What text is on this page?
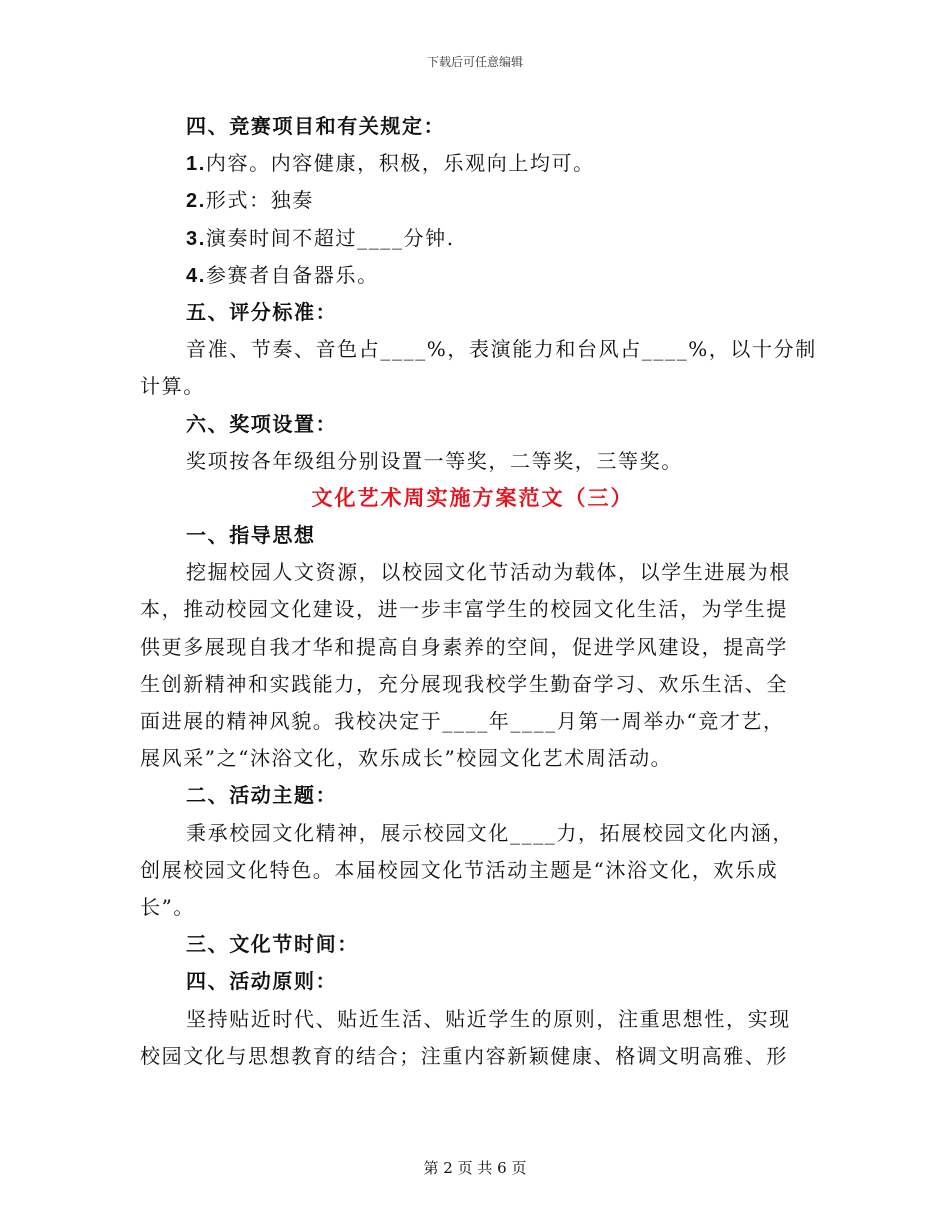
下载后可任意编辑
四、竞赛项目和有关规定：
1.内容。内容健康，积极，乐观向上均可。
2.形式：独奏
3.演奏时间不超过____分钟.
4.参赛者自备器乐。
五、评分标准：
音准、节奏、音色占____%，表演能力和台风占____%，以十分制
计算。
六、奖项设置：
奖项按各年级组分别设置一等奖，二等奖，三等奖。
文化艺术周实施方案范文（三）
一、指导思想
挖掘校园人文资源，以校园文化节活动为载体，以学生进展为根
本，推动校园文化建设，进一步丰富学生的校园文化生活，为学生提
供更多展现自我才华和提高自身素养的空间，促进学风建设，提高学
生创新精神和实践能力，充分展现我校学生勤奋学习、欢乐生活、全
面进展的精神风貌。我校决定于____年____月第一周举办“竞才艺，
展风采”之“沐浴文化，欢乐成长”校园文化艺术周活动。
二、活动主题：
秉承校园文化精神，展示校园文化____力，拓展校园文化内涵，
创展校园文化特色。本届校园文化节活动主题是“沐浴文化，欢乐成
长”。
三、文化节时间：
四、活动原则：
坚持贴近时代、贴近生活、贴近学生的原则，注重思想性，实现
校园文化与思想教育的结合；注重内容新颖健康、格调文明高雅、形
第 2 页 共 6 页
